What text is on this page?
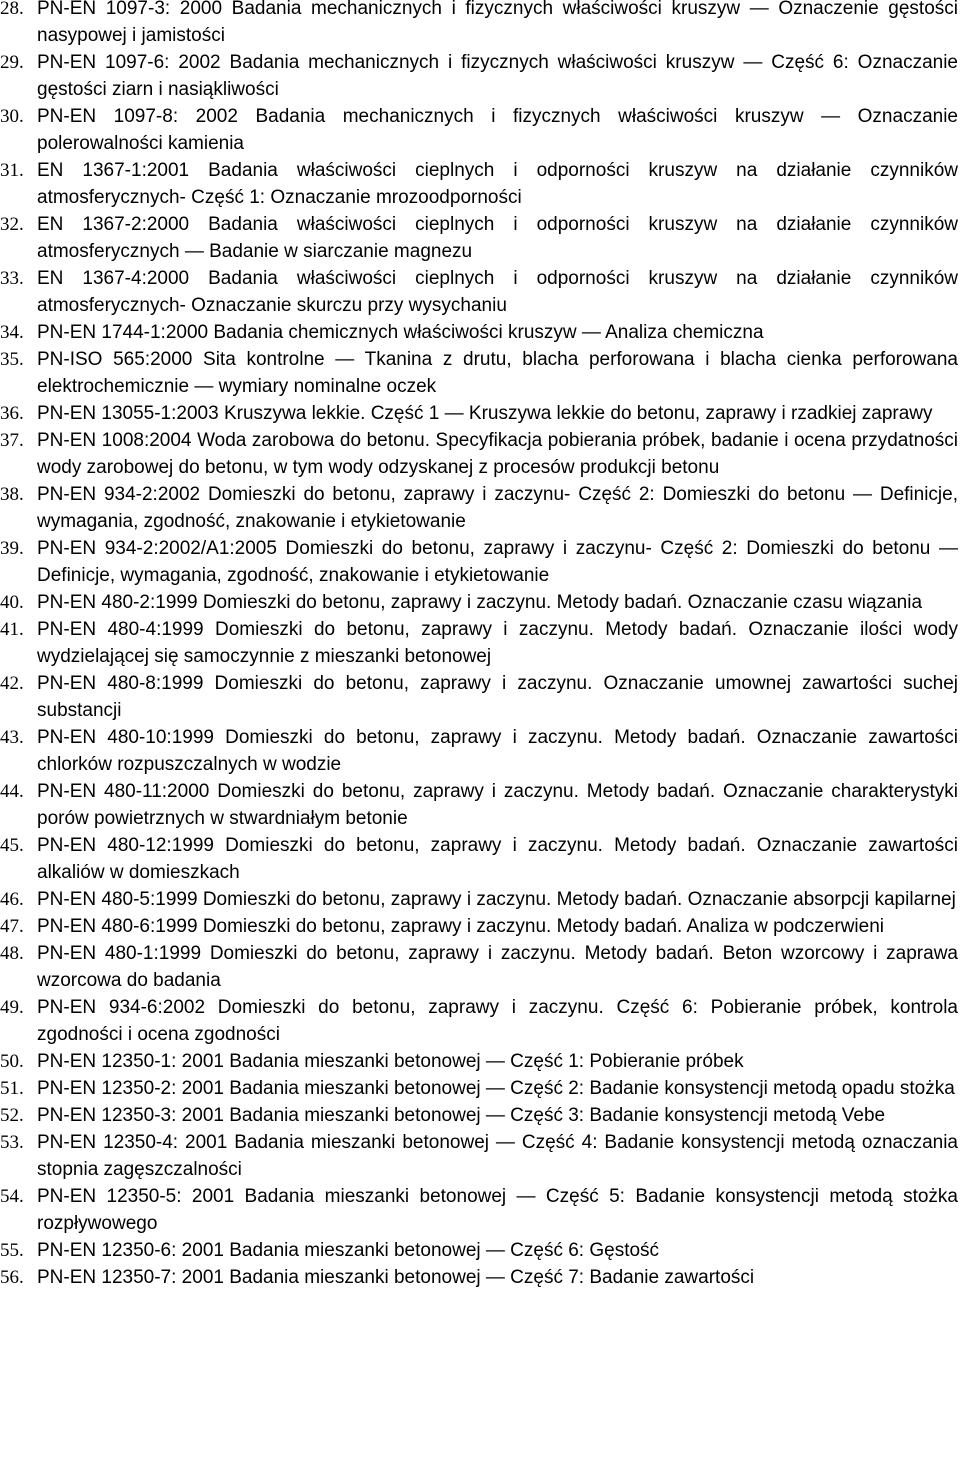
28. PN-EN 1097-3: 2000 Badania mechanicznych i fizycznych właściwości kruszyw — Oznaczenie gęstości nasypowej i jamistości
29. PN-EN 1097-6: 2002 Badania mechanicznych i fizycznych właściwości kruszyw — Część 6: Oznaczanie gęstości ziarn i nasiąkliwości
30. PN-EN 1097-8: 2002 Badania mechanicznych i fizycznych właściwości kruszyw — Oznaczanie polerowalności kamienia
31. EN 1367-1:2001 Badania właściwości cieplnych i odporności kruszyw na działanie czynników atmosferycznych- Część 1: Oznaczanie mrozoodporności
32. EN 1367-2:2000 Badania właściwości cieplnych i odporności kruszyw na działanie czynników atmosferycznych — Badanie w siarczanie magnezu
33. EN 1367-4:2000 Badania właściwości cieplnych i odporności kruszyw na działanie czynników atmosferycznych- Oznaczanie skurczu przy wysychaniu
34. PN-EN 1744-1:2000 Badania chemicznych właściwości kruszyw — Analiza chemiczna
35. PN-ISO 565:2000 Sita kontrolne — Tkanina z drutu, blacha perforowana i blacha cienka perforowana elektrochemicznie — wymiary nominalne oczek
36. PN-EN 13055-1:2003 Kruszywa lekkie. Część 1 — Kruszywa lekkie do betonu, zaprawy i rzadkiej zaprawy
37. PN-EN 1008:2004 Woda zarobowa do betonu. Specyfikacja pobierania próbek, badanie i ocena przydatności wody zarobowej do betonu, w tym wody odzyskanej z procesów produkcji betonu
38. PN-EN 934-2:2002 Domieszki do betonu, zaprawy i zaczynu- Część 2: Domieszki do betonu — Definicje, wymagania, zgodność, znakowanie i etykietowanie
39. PN-EN 934-2:2002/A1:2005 Domieszki do betonu, zaprawy i zaczynu- Część 2: Domieszki do betonu — Definicje, wymagania, zgodność, znakowanie i etykietowanie
40. PN-EN 480-2:1999 Domieszki do betonu, zaprawy i zaczynu. Metody badań. Oznaczanie czasu wiązania
41. PN-EN 480-4:1999 Domieszki do betonu, zaprawy i zaczynu. Metody badań. Oznaczanie ilości wody wydzielającej się samoczynnie z mieszanki betonowej
42. PN-EN 480-8:1999 Domieszki do betonu, zaprawy i zaczynu. Oznaczanie umownej zawartości suchej substancji
43. PN-EN 480-10:1999 Domieszki do betonu, zaprawy i zaczynu. Metody badań. Oznaczanie zawartości chlorków rozpuszczalnych w wodzie
44. PN-EN 480-11:2000 Domieszki do betonu, zaprawy i zaczynu. Metody badań. Oznaczanie charakterystyki porów powietrznych w stwardniałym betonie
45. PN-EN 480-12:1999 Domieszki do betonu, zaprawy i zaczynu. Metody badań. Oznaczanie zawartości alkaliów w domieszkach
46. PN-EN 480-5:1999 Domieszki do betonu, zaprawy i zaczynu. Metody badań. Oznaczanie absorpcji kapilarnej
47. PN-EN 480-6:1999 Domieszki do betonu, zaprawy i zaczynu. Metody badań. Analiza w podczerwieni
48. PN-EN 480-1:1999 Domieszki do betonu, zaprawy i zaczynu. Metody badań. Beton wzorcowy i zaprawa wzorcowa do badania
49. PN-EN 934-6:2002 Domieszki do betonu, zaprawy i zaczynu. Część 6: Pobieranie próbek, kontrola zgodności i ocena zgodności
50. PN-EN 12350-1: 2001 Badania mieszanki betonowej — Część 1: Pobieranie próbek
51. PN-EN 12350-2: 2001 Badania mieszanki betonowej — Część 2: Badanie konsystencji metodą opadu stożka
52. PN-EN 12350-3: 2001 Badania mieszanki betonowej — Część 3: Badanie konsystencji metodą Vebe
53. PN-EN 12350-4: 2001 Badania mieszanki betonowej — Część 4: Badanie konsystencji metodą oznaczania stopnia zagęszczalności
54. PN-EN 12350-5: 2001 Badania mieszanki betonowej — Część 5: Badanie konsystencji metodą stożka rozpływowego
55. PN-EN 12350-6: 2001 Badania mieszanki betonowej — Część 6: Gęstość
56. PN-EN 12350-7: 2001 Badania mieszanki betonowej — Część 7: Badanie zawartości
